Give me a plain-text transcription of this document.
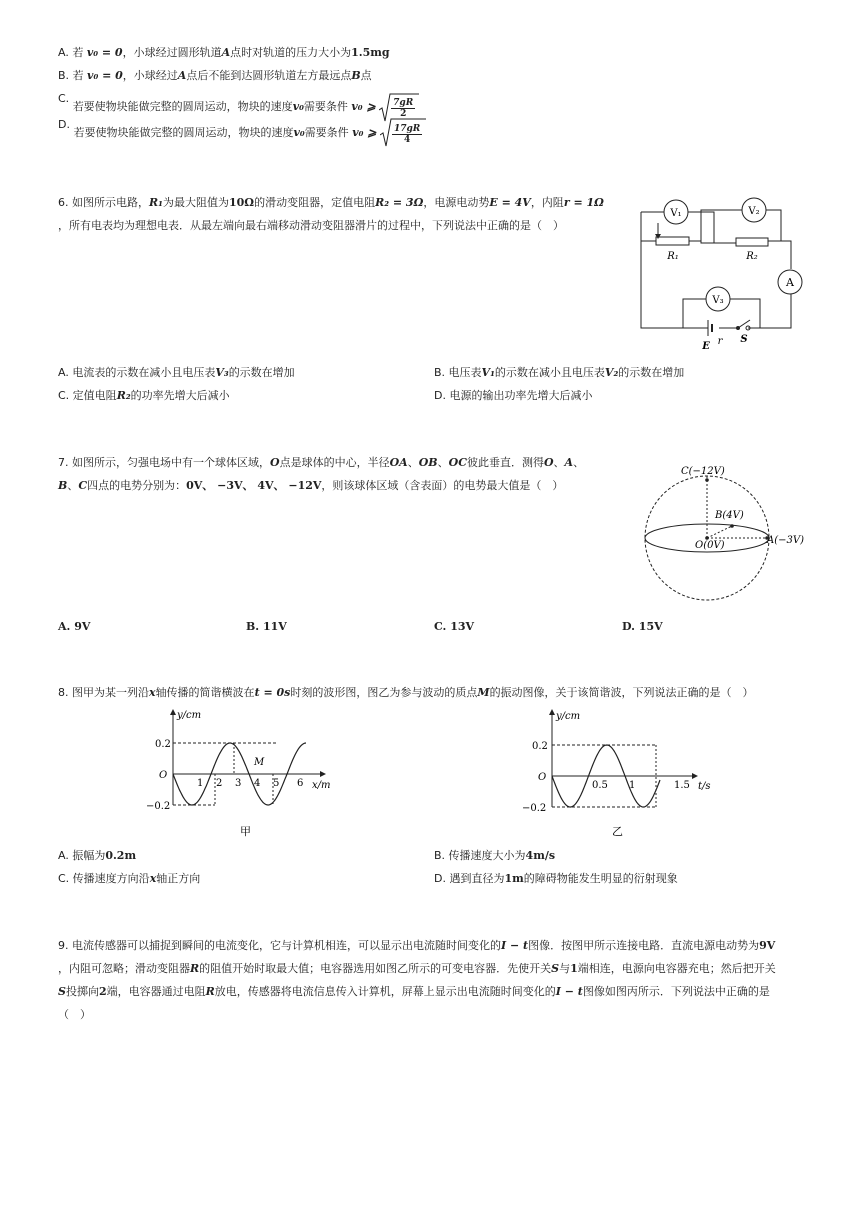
A. 若 v₀ = 0，小球经过圆形轨道A点时对轨道的压力大小为1.5mg
B. 若 v₀ = 0，小球经过A点后不能到达圆形轨道左方最远点B点
C. 若要使物块能做完整的圆周运动，物块的速度v₀需要条件 v₀ ⩾ $\frac{7gR}{2}$
D. 若要使物块能做完整的圆周运动，物块的速度v₀需要条件 v₀ ⩾ $\frac{17gR}{4}$
6. 如图所示电路，R₁为最大阻值为10Ω的滑动变阻器，定值电阻R₂ = 3Ω，电源电动势E = 4V，内阻r = 1Ω
，所有电表均为理想电表．从最左端向最右端移动滑动变阻器滑片的过程中，下列说法中正确的是（　）
V₁	V₂
V₃
A
R₁	R₂
E r S
A. 电流表的示数在减小且电压表V₃的示数在增加	B. 电压表V₁的示数在减小且电压表V₂的示数在增加
C. 定值电阻R₂的功率先增大后减小	D. 电源的输出功率先增大后减小
7. 如图所示，匀强电场中有一个球体区域，O点是球体的中心，半径OA、OB、OC彼此垂直．测得O、A、
B、C四点的电势分别为：0V、 −3V、 4V、 −12V，则该球体区域（含表面）的电势最大值是（　）
C(−12V)
B(4V)
O(0V)	A(−3V)
A. 9V	B. 11V	C. 13V	D. 15V
8. 图甲为某一列沿x轴传播的简谐横波在t = 0s时刻的波形图，图乙为参与波动的质点M的振动图像，关于该简谐波，下列说法正确的是（　）
y/cm
x/m
0.2
−0.2
O
1 2 3 4 5 6
M
甲
y/cm
t/s
0.2
−0.2
O
0.5 1	1.5
乙
A. 振幅为0.2m	B. 传播速度大小为4m/s
C. 传播速度方向沿x轴正方向	D. 遇到直径为1m的障碍物能发生明显的衍射现象
9. 电流传感器可以捕捉到瞬间的电流变化，它与计算机相连，可以显示出电流随时间变化的I − t图像．按图甲所示连接电路．直流电源电动势为9V
，内阻可忽略；滑动变阻器R的阻值开始时取最大值；电容器选用如图乙所示的可变电容器．先使开关S与1端相连，电源向电容器充电；然后把开关
S投掷向2端，电容器通过电阻R放电，传感器将电流信息传入计算机，屏幕上显示出电流随时间变化的I − t图像如图丙所示．下列说法中正确的是
（　）
